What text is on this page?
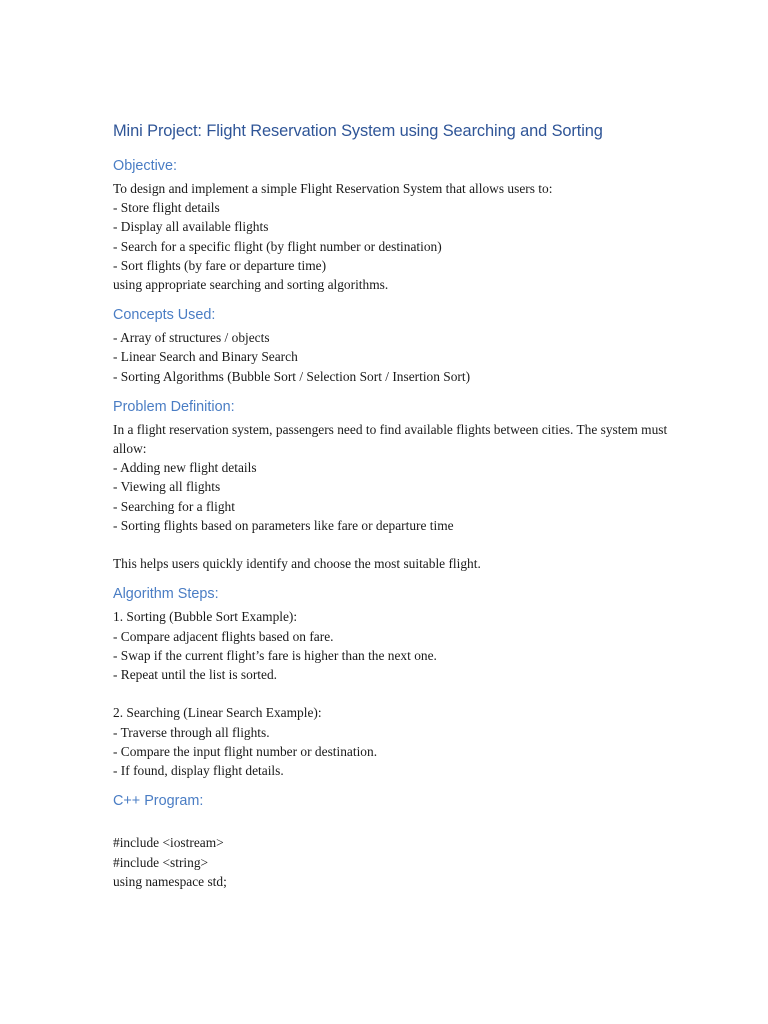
Mini Project: Flight Reservation System using Searching and Sorting
Objective:

To design and implement a simple Flight Reservation System that allows users to:

- Store flight details

- Display all available flights

- Search for a specific flight (by flight number or destination)

- Sort flights (by fare or departure time)

using appropriate searching and sorting algorithms.

Concepts Used:

- Array of structures / objects

- Linear Search and Binary Search

- Sorting Algorithms (Bubble Sort / Selection Sort / Insertion Sort)

Problem Definition:

In a flight reservation system, passengers need to find available flights between cities. The system must allow:

- Adding new flight details

- Viewing all flights

- Searching for a flight

- Sorting flights based on parameters like fare or departure time

This helps users quickly identify and choose the most suitable flight.

Algorithm Steps:

1. Sorting (Bubble Sort Example):

- Compare adjacent flights based on fare.

- Swap if the current flight’s fare is higher than the next one.

- Repeat until the list is sorted.

2. Searching (Linear Search Example):

- Traverse through all flights.

- Compare the input flight number or destination.

- If found, display flight details.

C++ Program:

#include <iostream>

#include <string>

using namespace std;
